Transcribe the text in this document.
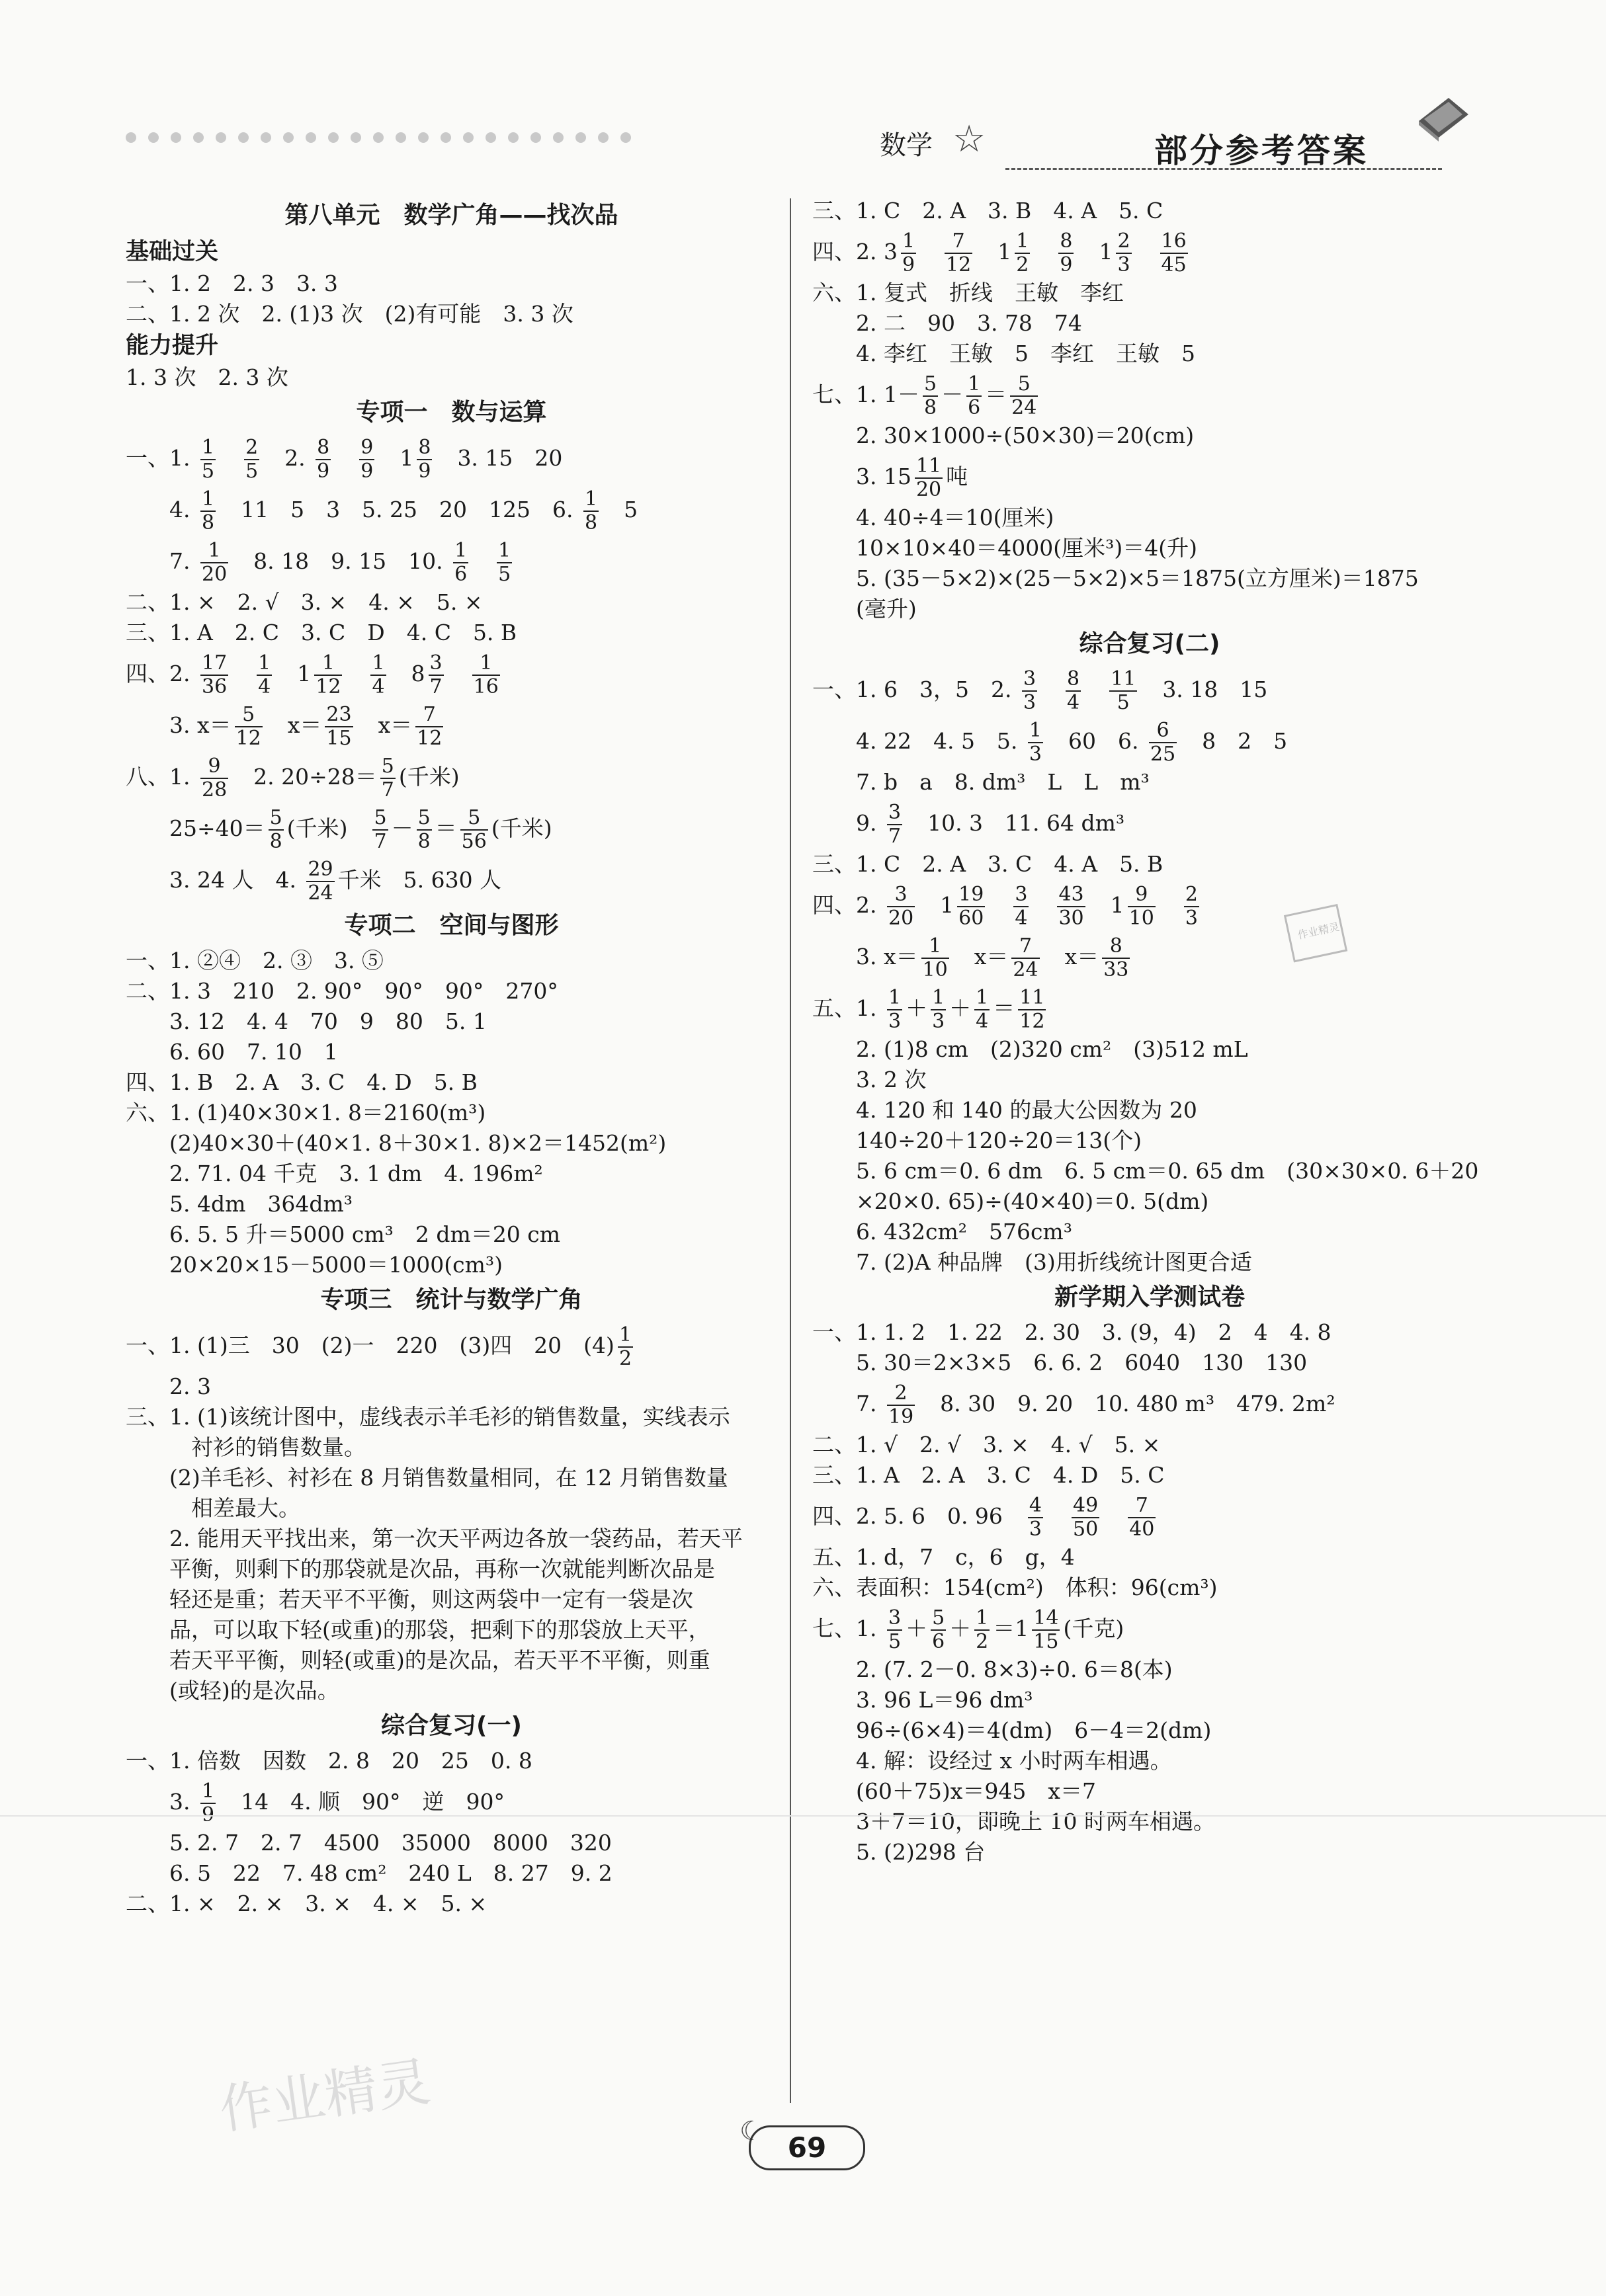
数学 ☆	部分参考答案
第八单元　数学广角——找次品
基础过关
一、1. 2　2. 3　3. 3
二、1. 2 次　2. (1)3 次　(2)有可能　3. 3 次
能力提升
1. 3 次　2. 3 次
专项一　数与运算
一、1. $\frac{1}{5}$
　 $\frac{2}{5}$ 　2. $\frac{8}{9}$
　 $\frac{9}{9}$ 　$1 \frac{8}{9}$ 　3. 15　20
　　4. $\frac{1}{8}$ 　11　5　3　5. 25　20　125　6. $\frac{1}{8}$ 　5
　　7. $\frac{1}{20}$ 　8. 18　9. 15　10. $\frac{1}{6}$
　 $\frac{1}{5}$
二、1. ×　2. √　3. ×　4. ×　5. ×
三、1. A　2. C　3. C　D　4. C　5. B
四、2. $\frac{17}{36}$
　 $\frac{1}{4}$ 　$1 \frac{1}{12}$
　 $\frac{1}{4}$ 　$8 \frac{3}{7}$
　 $\frac{1}{16}$
　　3. $x= \frac{5}{12}$ 　$x= \frac{23}{15}$ 　$x= \frac{7}{12}$
八、1. $\frac{9}{28}$ 　2. $20\div 28= \frac{5}{7}$ (千米)
　　$25\div 40= \frac{5}{8}$ (千米)　 $\frac{5}{7} - \frac{5}{8} = \frac{5}{56}$ (千米)
　　3. 24 人　4. $\frac{29}{24}$ 千米　5. 630 人
专项二　空间与图形
一、1. ②④　2. ③　3. ⑤
二、1. 3　210　2. 90°　90°　90°　270°
　　3. 12　4. 4　70　9　80　5. 1
　　6. 60　7. 10　1
四、1. B　2. A　3. C　4. D　5. B
六、1. (1)40×30×1. 8＝2160(m³)
　　(2)40×30＋(40×1. 8＋30×1. 8)×2＝1452(m²)
　　2. 71. 04 千克　3. 1 dm　4. 196m²
　　5. 4dm　364dm³
　　6. 5. 5 升＝5000 cm³　2 dm＝20 cm
　　20×20×15－5000＝1000(cm³)
专项三　统计与数学广角
一、1. (1)三　30　(2)一　220　(3)四　20　$(4) \frac{1}{2}$
　　2. 3
三、1. (1)该统计图中，虚线表示羊毛衫的销售数量，实线表示
　　　衬衫的销售数量。
　　(2)羊毛衫、衬衫在 8 月销售数量相同，在 12 月销售数量
　　　相差最大。
　　2. 能用天平找出来，第一次天平两边各放一袋药品，若天平
　　平衡，则剩下的那袋就是次品，再称一次就能判断次品是
　　轻还是重；若天平不平衡，则这两袋中一定有一袋是次
　　品，可以取下轻(或重)的那袋，把剩下的那袋放上天平，
　　若天平平衡，则轻(或重)的是次品，若天平不平衡，则重
　　(或轻)的是次品。
综合复习(一)
一、1. 倍数　因数　2. 8　20　25　0. 8
　　3. $\frac{1}{9}$ 　14　4. 顺　90°　逆　90°
　　5. 2. 7　2. 7　4500　35000　8000　320
　　6. 5　22　7. 48 cm²　240 L　8. 27　9. 2
二、1. ×　2. ×　3. ×　4. ×　5. ×
三、1. C　2. A　3. B　4. A　5. C
四、2. $3 \frac{1}{9}$
　 $\frac{7}{12}$ 　$1 \frac{1}{2}$
　 $\frac{8}{9}$ 　$1 \frac{2}{3}$
　 $\frac{16}{45}$
六、1. 复式　折线　王敏　李红
　　2. 二　90　3. 78　74
　　4. 李红　王敏　5　李红　王敏　5
七、1. $1- \frac{5}{8} - \frac{1}{6} = \frac{5}{24}$
　　2. 30×1000÷(50×30)＝20(cm)
　　3. $15 \frac{11}{20}$ 吨
　　4. 40÷4＝10(厘米)
　　10×10×40＝4000(厘米³)＝4(升)
　　5. (35－5×2)×(25－5×2)×5＝1875(立方厘米)＝1875
　　(毫升)
综合复习(二)
一、1. 6　3，5　2. $\frac{3}{3}$
　 $\frac{8}{4}$
　 $\frac{11}{5}$ 　3. 18　15
　　4. 22　4. 5　5. $\frac{1}{3}$ 　60　6. $\frac{6}{25}$ 　8　2　5
　　7. b　a　8. dm³　L　L　m³
　　9. $\frac{3}{7}$ 　10. 3　11. 64 dm³
三、1. C　2. A　3. C　4. A　5. B
四、2. $\frac{3}{20}$ 　$1 \frac{19}{60}$
　 $\frac{3}{4}$
　 $\frac{43}{30}$ 　$1 \frac{9}{10}$
　 $\frac{2}{3}$
　　3. $x= \frac{1}{10}$ 　$x= \frac{7}{24}$ 　$x= \frac{8}{33}$
五、1. $\frac{1}{3} + \frac{1}{3} + \frac{1}{4} = \frac{11}{12}$
　　2. (1)8 cm　(2)320 cm²　(3)512 mL
　　3. 2 次
　　4. 120 和 140 的最大公因数为 20
　　140÷20＋120÷20＝13(个)
　　5. 6 cm＝0. 6 dm　6. 5 cm＝0. 65 dm　(30×30×0. 6＋20
　　×20×0. 65)÷(40×40)＝0. 5(dm)
　　6. 432cm²　576cm³
　　7. (2)A 种品牌　(3)用折线统计图更合适
新学期入学测试卷
一、1. 1. 2　1. 22　2. 30　3. (9，4)　2　4　4. 8
　　5. 30＝2×3×5　6. 6. 2　6040　130　130
　　7. $\frac{2}{19}$ 　8. 30　9. 20　10. 480 m³　479. 2m²
二、1. √　2. √　3. ×　4. √　5. ×
三、1. A　2. A　3. C　4. D　5. C
四、2. 5. 6　0. 96　 $\frac{4}{3}$
　 $\frac{49}{50}$
　 $\frac{7}{40}$
五、1. d，7　c，6　g，4
六、表面积：154(cm²)　体积：96(cm³)
七、1. $\frac{3}{5} + \frac{5}{6} + \frac{1}{2} =1 \frac{14}{15}$ (千克)
　　2. (7. 2－0. 8×3)÷0. 6＝8(本)
　　3. 96 L＝96 dm³
　　96÷(6×4)＝4(dm)　6－4＝2(dm)
　　4. 解：设经过 x 小时两车相遇。
　　(60＋75)x＝945　x＝7
　　3＋7＝10，即晚上 10 时两车相遇。
　　5. (2)298 台
作业精灵
作业精灵
☾ 69
